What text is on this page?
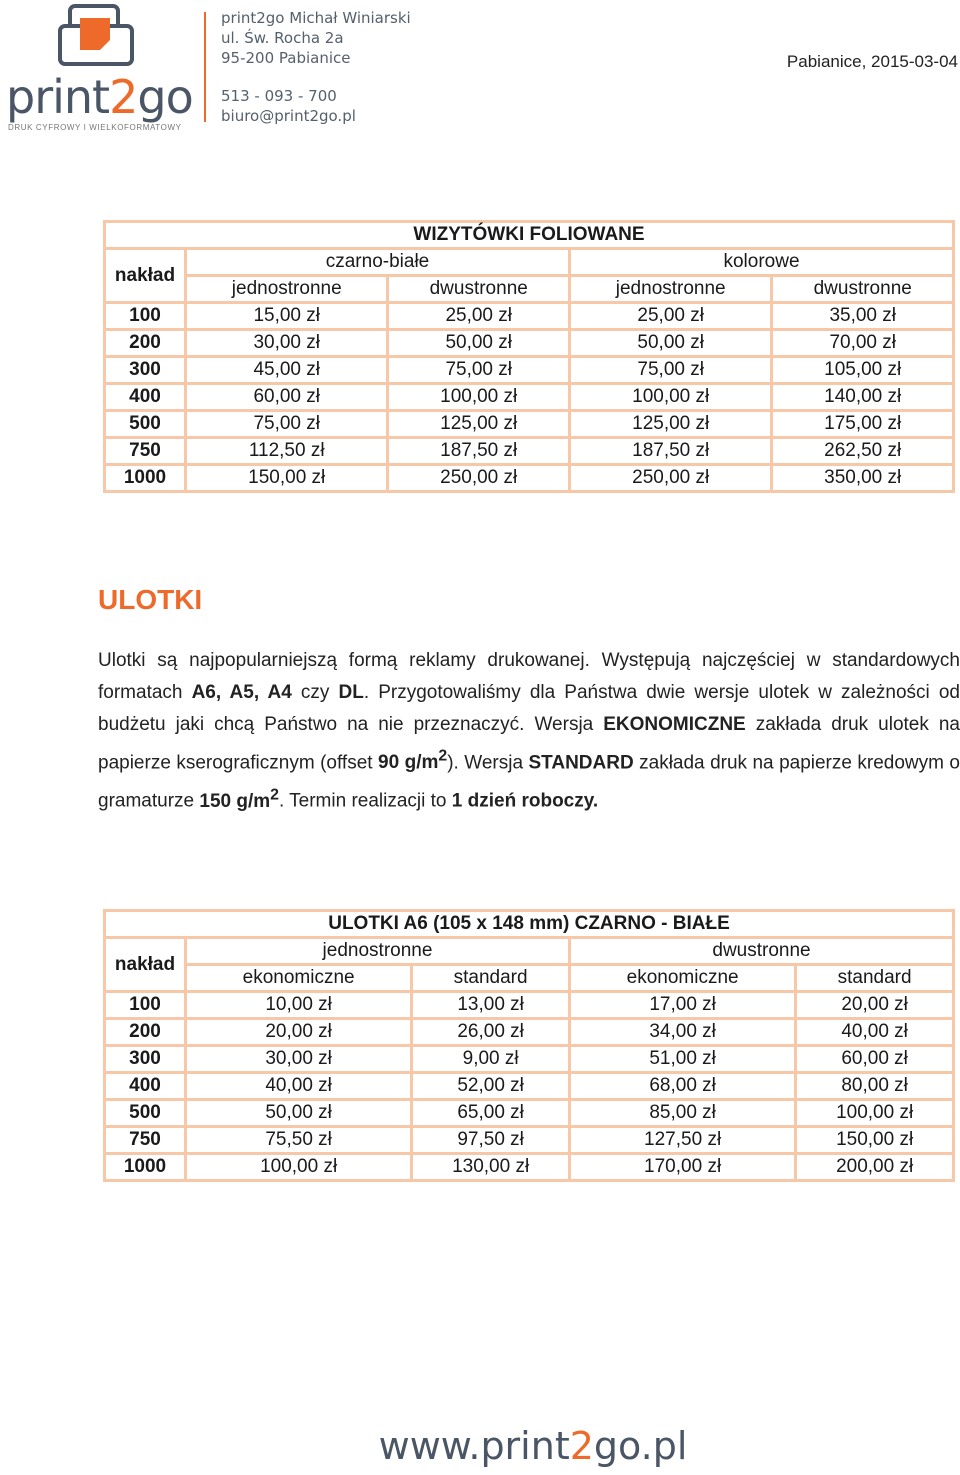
print2go
DRUK CYFROWY I WIELKOFORMATOWY
print2go Michał Winiarski
ul. Św. Rocha 2a
95-200 Pabianice
513 - 093 - 700
biuro@print2go.pl
Pabianice, 2015-03-04
WIZYTÓWKI FOLIOWANE				
nakład	czarno-białe		kolorowe	
	jednostronne	dwustronne	jednostronne	dwustronne
100	15,00 zł	25,00 zł	25,00 zł	35,00 zł
200	30,00 zł	50,00 zł	50,00 zł	70,00 zł
300	45,00 zł	75,00 zł	75,00 zł	105,00 zł
400	60,00 zł	100,00 zł	100,00 zł	140,00 zł
500	75,00 zł	125,00 zł	125,00 zł	175,00 zł
750	112,50 zł	187,50 zł	187,50 zł	262,50 zł
1000	150,00 zł	250,00 zł	250,00 zł	350,00 zł
ULOTKI
Ulotki są najpopularniejszą formą reklamy drukowanej. Występują najczęściej w standardowych formatach A6, A5, A4 czy DL. Przygotowaliśmy dla Państwa dwie wersje ulotek w zależności od budżetu jaki chcą Państwo na nie przeznaczyć. Wersja EKONOMICZNE zakłada druk ulotek na papierze kserograficznym (offset 90 $g/m^2$). Wersja STANDARD zakłada druk na papierze kredowym o gramaturze 150 $g/m^2$. Termin realizacji to 1 dzień roboczy.
ULOTKI A6 (105 x 148 mm) CZARNO - BIAŁE				
nakład	jednostronne		dwustronne	
	ekonomiczne	standard	ekonomiczne	standard
100	10,00 zł	13,00 zł	17,00 zł	20,00 zł
200	20,00 zł	26,00 zł	34,00 zł	40,00 zł
300	30,00 zł	9,00 zł	51,00 zł	60,00 zł
400	40,00 zł	52,00 zł	68,00 zł	80,00 zł
500	50,00 zł	65,00 zł	85,00 zł	100,00 zł
750	75,50 zł	97,50 zł	127,50 zł	150,00 zł
1000	100,00 zł	130,00 zł	170,00 zł	200,00 zł
www.print2go.pl
